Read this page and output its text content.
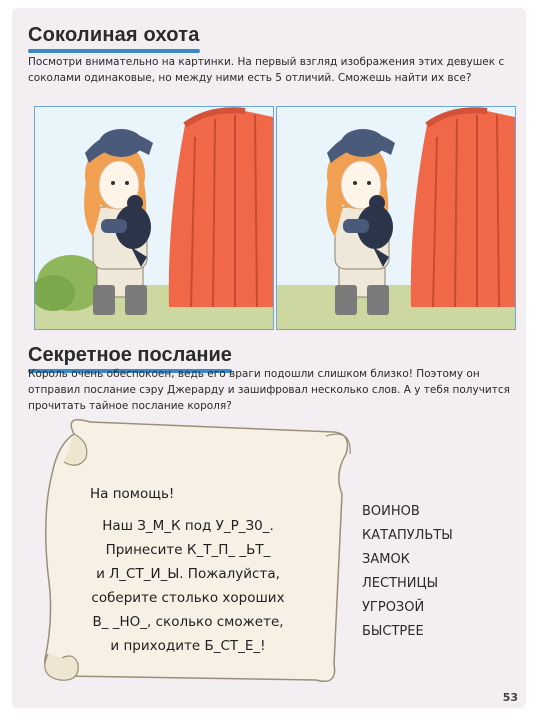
Соколиная охота
Посмотри внимательно на картинки. На первый взгляд изображения этих девушек с соколами одинаковые, но между ними есть 5 отличий. Сможешь найти их все?
Секретное послание
Король очень обеспокоен, ведь его враги подошли слишком близко! Поэтому он отправил послание сэру Джерарду и зашифровал несколько слов. А у тебя получится прочитать тайное послание короля?
На помощь!
Наш З_М_К под У_Р_З0_.
Принесите К_Т_П_ _ЬТ_
и Л_СТ_И_Ы. Пожалуйста,
соберите столько хороших
В_ _НО_, сколько сможете,
и приходите Б_СТ_Е_!
ВОИНОВ
КАТАПУЛЬТЫ
ЗАМОК
ЛЕСТНИЦЫ
УГРОЗОЙ
БЫСТРЕЕ
53
